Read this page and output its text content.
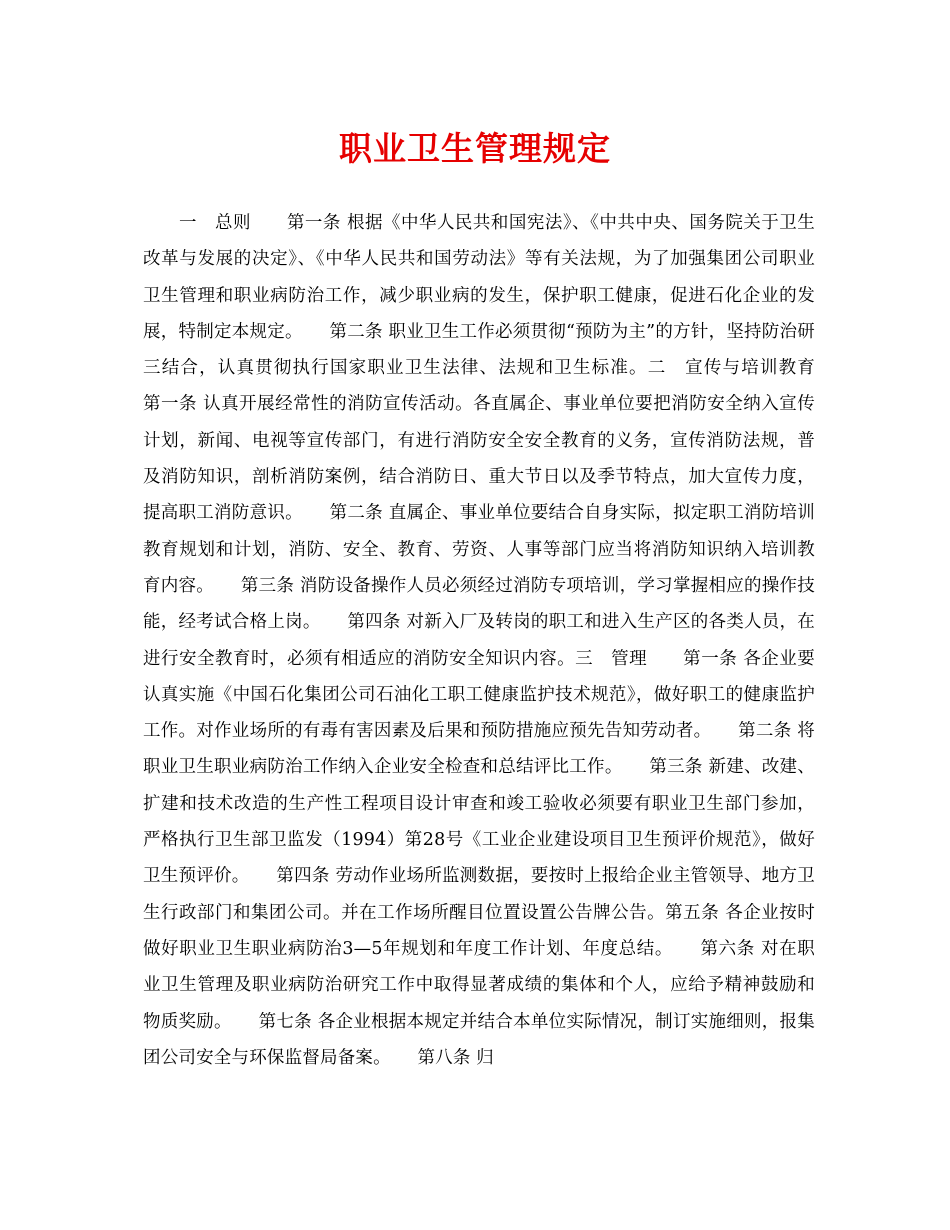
职业卫生管理规定

　　一　总则　　第一条 根据《中华人民共和国宪法》、《中共中央、国务院关于卫生改革与发展的决定》、《中华人民共和国劳动法》等有关法规，为了加强集团公司职业卫生管理和职业病防治工作，减少职业病的发生，保护职工健康，促进石化企业的发展，特制定本规定。　　第二条 职业卫生工作必须贯彻“预防为主”的方针，坚持防治研三结合，认真贯彻执行国家职业卫生法律、法规和卫生标准。二　宣传与培训教育　　第一条 认真开展经常性的消防宣传活动。各直属企、事业单位要把消防安全纳入宣传计划，新闻、电视等宣传部门，有进行消防安全安全教育的义务，宣传消防法规，普及消防知识，剖析消防案例，结合消防日、重大节日以及季节特点，加大宣传力度，提高职工消防意识。　　第二条 直属企、事业单位要结合自身实际，拟定职工消防培训教育规划和计划，消防、安全、教育、劳资、人事等部门应当将消防知识纳入培训教育内容。　　第三条 消防设备操作人员必须经过消防专项培训，学习掌握相应的操作技能，经考试合格上岗。　　第四条 对新入厂及转岗的职工和进入生产区的各类人员，在进行安全教育时，必须有相适应的消防安全知识内容。三　管理　　第一条 各企业要认真实施《中国石化集团公司石油化工职工健康监护技术规范》，做好职工的健康监护工作。对作业场所的有毒有害因素及后果和预防措施应预先告知劳动者。　　第二条 将职业卫生职业病防治工作纳入企业安全检查和总结评比工作。　　第三条 新建、改建、扩建和技术改造的生产性工程项目设计审查和竣工验收必须要有职业卫生部门参加，严格执行卫生部卫监发（1994）第28号《工业企业建设项目卫生预评价规范》，做好卫生预评价。　　第四条 劳动作业场所监测数据，要按时上报给企业主管领导、地方卫生行政部门和集团公司。并在工作场所醒目位置设置公告牌公告。第五条 各企业按时做好职业卫生职业病防治3—5年规划和年度工作计划、年度总结。　　第六条 对在职业卫生管理及职业病防治研究工作中取得显著成绩的集体和个人，应给予精神鼓励和物质奖励。　　第七条 各企业根据本规定并结合本单位实际情况，制订实施细则，报集团公司安全与环保监督局备案。　　第八条 归
